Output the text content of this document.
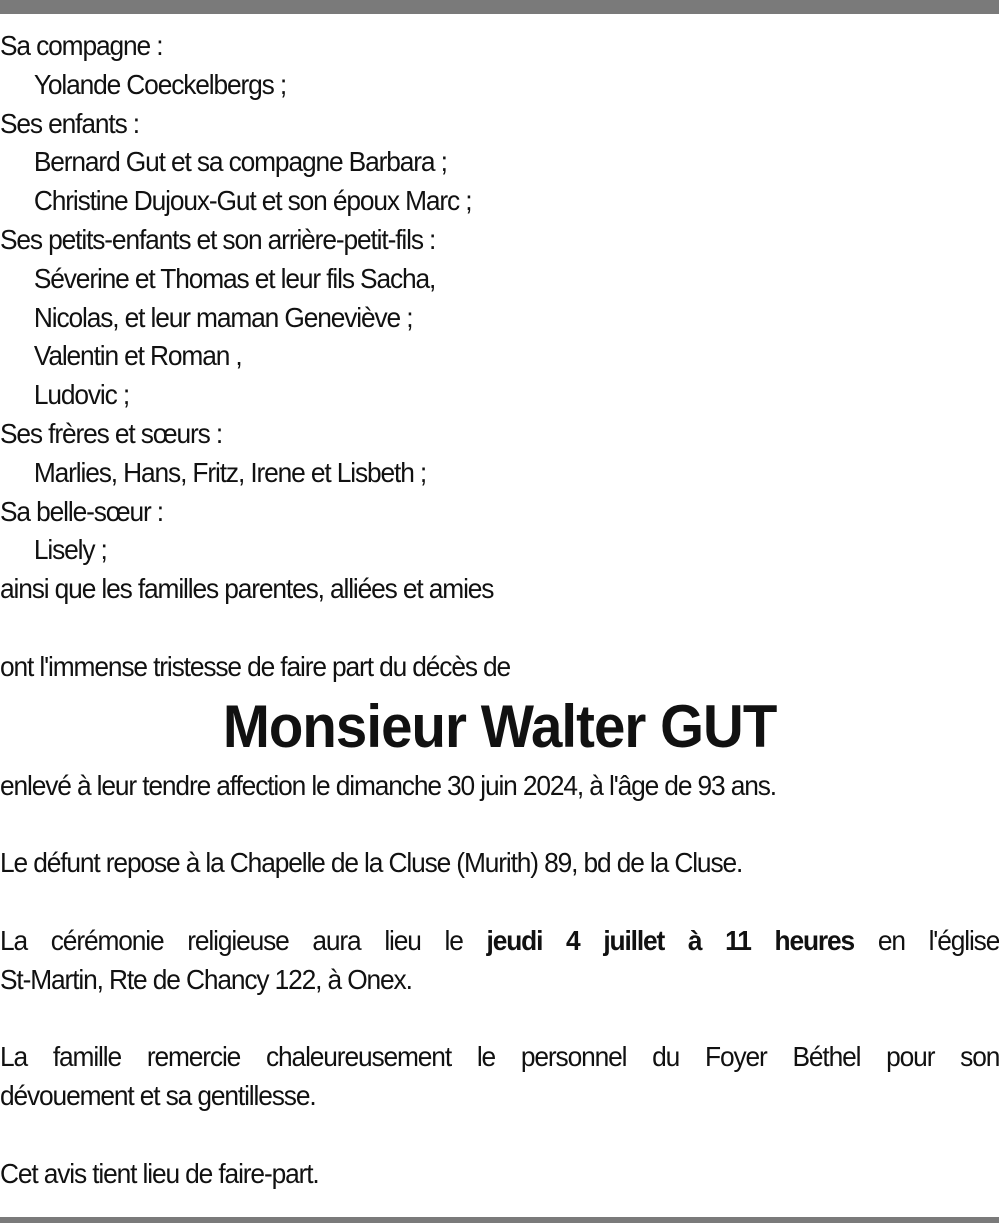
Sa compagne :
Yolande Coeckelbergs ;
Ses enfants :
Bernard Gut et sa compagne Barbara ;
Christine Dujoux-Gut et son époux Marc ;
Ses petits-enfants et son arrière-petit-fils :
Séverine et Thomas et leur fils Sacha,
Nicolas, et leur maman Geneviève ;
Valentin et Roman ,
Ludovic ;
Ses frères et sœurs :
Marlies, Hans, Fritz, Irene et Lisbeth ;
Sa belle-sœur :
Lisely ;
ainsi que les familles parentes, alliées et amies
ont l'immense tristesse de faire part du décès de
Monsieur Walter GUT
enlevé à leur tendre affection le dimanche 30 juin 2024, à l'âge de 93 ans.
Le défunt repose à la Chapelle de la Cluse (Murith) 89, bd de la Cluse.
La cérémonie religieuse aura lieu le jeudi 4 juillet à 11 heures en l'église
St-Martin, Rte de Chancy 122, à Onex.
La famille remercie chaleureusement le personnel du Foyer Béthel pour son
dévouement et sa gentillesse.
Cet avis tient lieu de faire-part.
